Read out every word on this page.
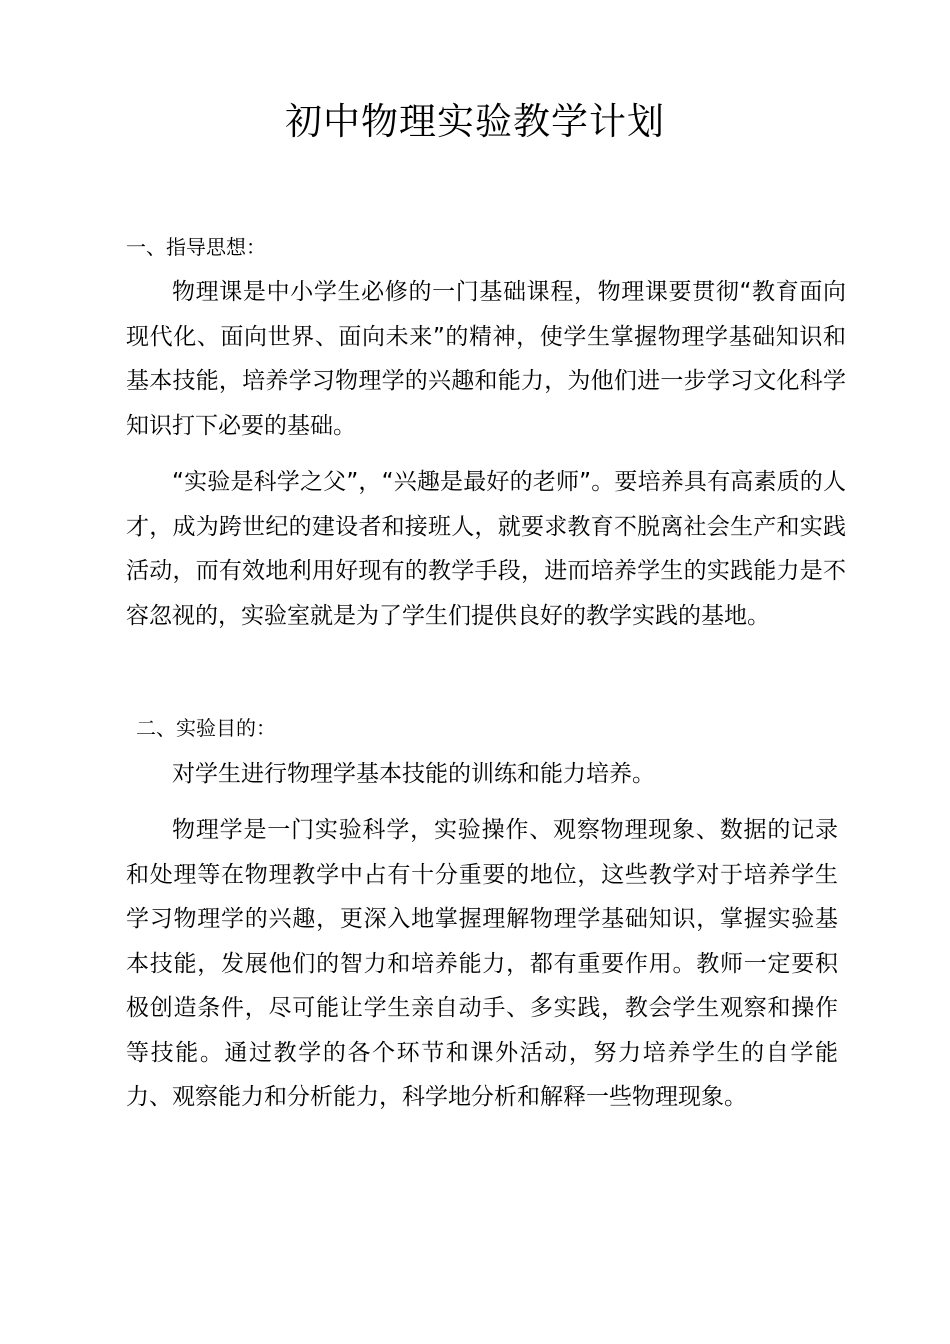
初中物理实验教学计划

一、指导思想：

物理课是中小学生必修的一门基础课程，物理课要贯彻“教育面向现代化、面向世界、面向未来”的精神，使学生掌握物理学基础知识和基本技能，培养学习物理学的兴趣和能力，为他们进一步学习文化科学知识打下必要的基础。

“实验是科学之父”，“兴趣是最好的老师”。要培养具有高素质的人才，成为跨世纪的建设者和接班人，就要求教育不脱离社会生产和实践活动，而有效地利用好现有的教学手段，进而培养学生的实践能力是不容忽视的，实验室就是为了学生们提供良好的教学实践的基地。

二、实验目的：

对学生进行物理学基本技能的训练和能力培养。

物理学是一门实验科学，实验操作、观察物理现象、数据的记录和处理等在物理教学中占有十分重要的地位，这些教学对于培养学生学习物理学的兴趣，更深入地掌握理解物理学基础知识，掌握实验基本技能，发展他们的智力和培养能力，都有重要作用。教师一定要积极创造条件，尽可能让学生亲自动手、多实践，教会学生观察和操作等技能。通过教学的各个环节和课外活动，努力培养学生的自学能力、观察能力和分析能力，科学地分析和解释一些物理现象。
